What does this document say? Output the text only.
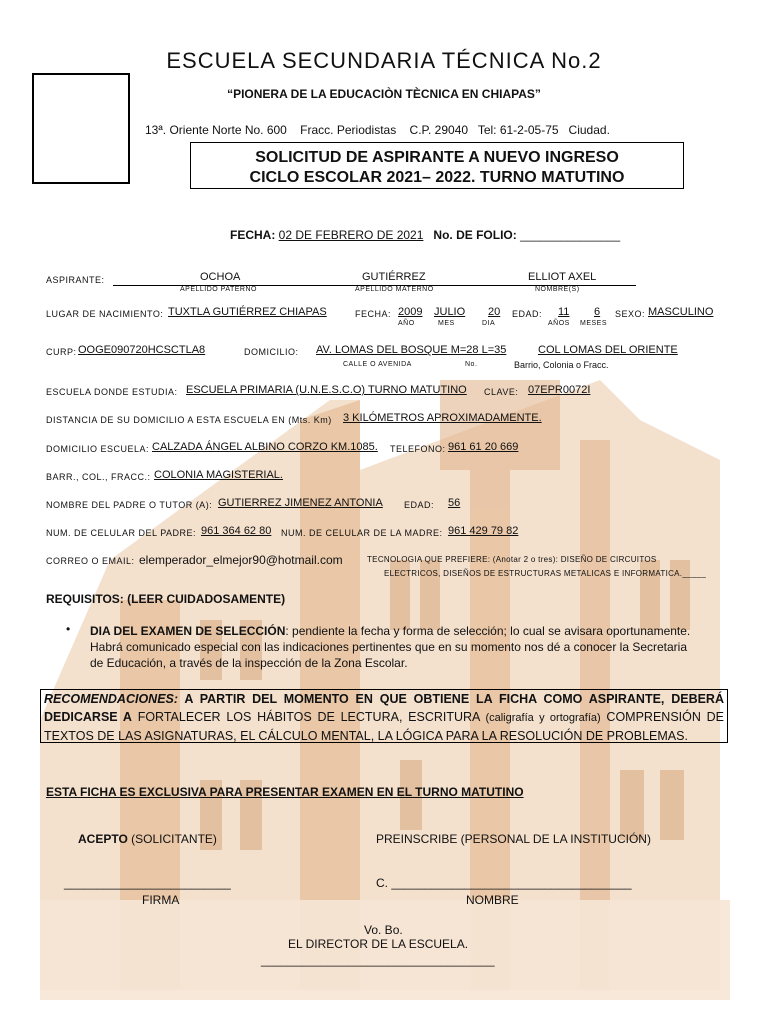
ESCUELA SECUNDARIA TÉCNICA No.2
“PIONERA DE LA EDUCACIÒN TÈCNICA EN CHIAPAS”
13ª. Oriente Norte No. 600    Fracc. Periodistas    C.P. 29040   Tel: 61-2-05-75   Ciudad.
SOLICITUD DE ASPIRANTE A NUEVO INGRESO
CICLO ESCOLAR 2021– 2022. TURNO MATUTINO
FECHA: 02 DE FEBRERO DE 2021 No. DE FOLIO: _______________
ASPIRANTE:	OCHOA	GUTIÉRREZ	ELLIOT AXEL
APELLIDO PATERNO	APELLIDO MATERNO	NOMBRE(S)
LUGAR DE NACIMIENTO: TUXTLA GUTIÉRREZ CHIAPAS	FECHA: 2009 JULIO 20
AÑO	MES	DIA
EDAD: 11 6
AÑOS MESES
SEXO: MASCULINO
CURP: OOGE090720HCSCTLA8	DOMICILIO: AV. LOMAS DEL BOSQUE M=28 L=35	COL LOMAS DEL ORIENTE
CALLE O AVENIDA	No.	Barrio, Colonia o Fracc.
ESCUELA DONDE ESTUDIA: ESCUELA PRIMARIA (U.N.E.S.C.O) TURNO MATUTINO CLAVE: 07EPR0072I
DISTANCIA DE SU DOMICILIO A ESTA ESCUELA EN (Mts. Km) 3 KILÓMETROS APROXIMADAMENTE.
DOMICILIO ESCUELA: CALZADA ÁNGEL ALBINO CORZO KM.1085. TELEFONO: 961 61 20 669
BARR., COL., FRACC.: COLONIA MAGISTERIAL.
NOMBRE DEL PADRE O TUTOR (A): GUTIERREZ JIMENEZ ANTONIA EDAD: 56
NUM. DE CELULAR DEL PADRE: 961 364 62 80 NUM. DE CELULAR DE LA MADRE: 961 429 79 82
CORREO O EMAIL: elemperador_elmejor90@hotmail.com	TECNOLOGIA QUE PREFIERE: (Anotar 2 o tres): DISEÑO DE CIRCUITOS
ELECTRICOS, DISEÑOS DE ESTRUCTURAS METALICAS E INFORMATICA._____
REQUISITOS: (LEER CUIDADOSAMENTE)
• DIA DEL EXAMEN DE SELECCIÓN: pendiente la fecha y forma de selección; lo cual se avisara oportunamente.
Habrá comunicado especial con las indicaciones pertinentes que en su momento nos dé a conocer la Secretaria
de Educación, a través de la inspección de la Zona Escolar.
RECOMENDACIONES: A PARTIR DEL MOMENTO EN QUE OBTIENE LA FICHA COMO ASPIRANTE, DEBERÁ DEDICARSE A FORTALECER LOS HÁBITOS DE LECTURA, ESCRITURA (caligrafía y ortografía) COMPRENSIÓN DE TEXTOS DE LAS ASIGNATURAS, EL CÁLCULO MENTAL, LA LÓGICA PARA LA RESOLUCIÓN DE PROBLEMAS.
ESTA FICHA ES EXCLUSIVA PARA PRESENTAR EXAMEN EN EL TURNO MATUTINO
ACEPTO (SOLICITANTE)	PREINSCRIBE (PERSONAL DE LA INSTITUCIÓN)
_________________________
FIRMA
C. ____________________________________
NOMBRE
Vo. Bo.
EL DIRECTOR DE LA ESCUELA.
___________________________________
